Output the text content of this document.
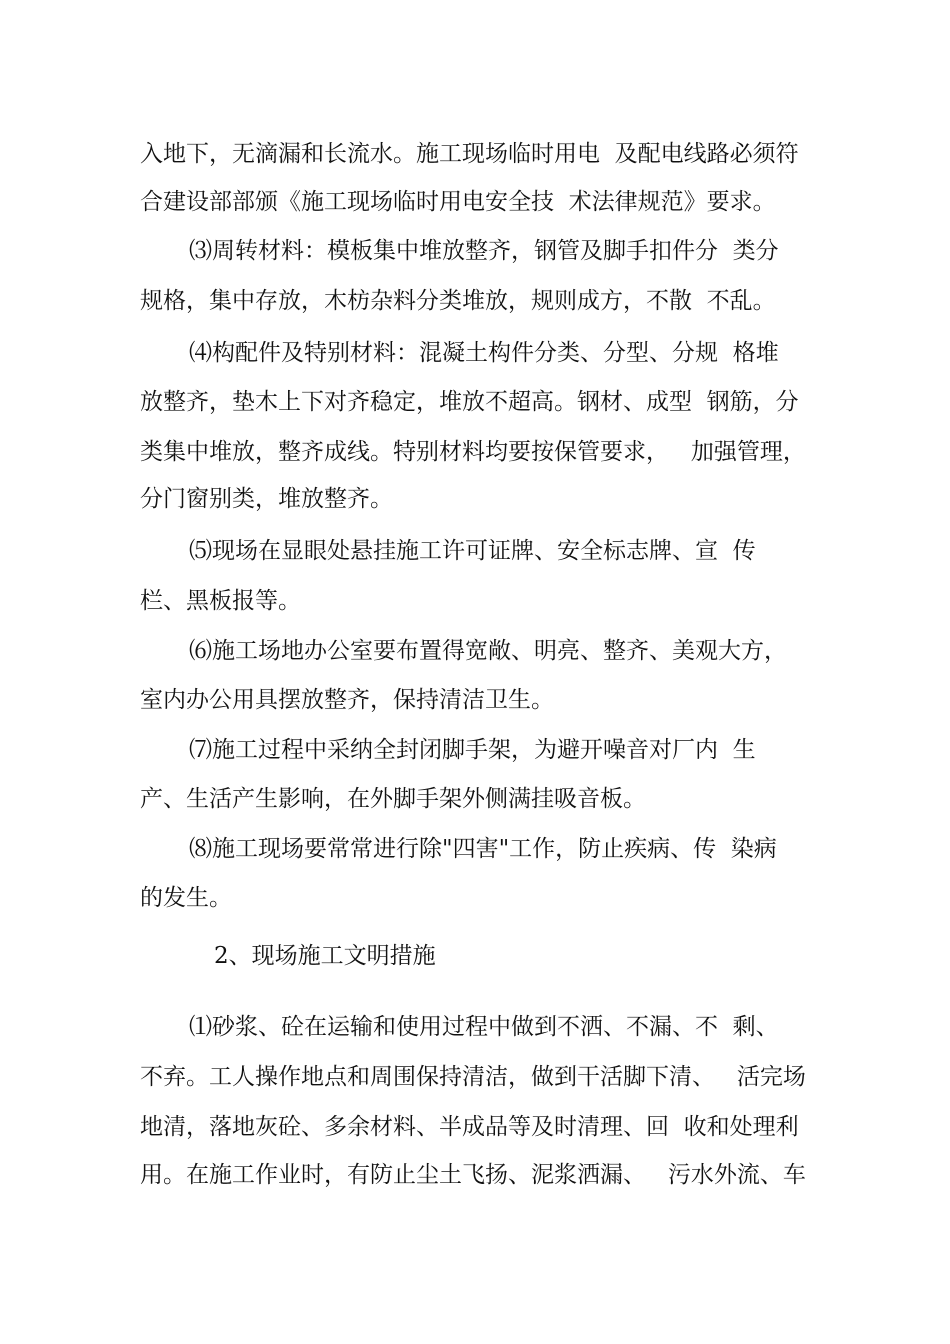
入地下，无滴漏和长流水。施工现场临时用电  及配电线路必须符
合建设部部颁《施工现场临时用电安全技  术法律规范》要求。
⑶周转材料：模板集中堆放整齐，钢管及脚手扣件分  类分
规格，集中存放，木枋杂料分类堆放，规则成方，不散  不乱。
⑷构配件及特别材料：混凝土构件分类、分型、分规  格堆
放整齐，垫木上下对齐稳定，堆放不超高。钢材、成型  钢筋，分
类集中堆放，整齐成线。特别材料均要按保管要求，   加强管理，
分门窗别类，堆放整齐。
⑸现场在显眼处悬挂施工许可证牌、安全标志牌、宣  传
栏、黑板报等。
⑹施工场地办公室要布置得宽敞、明亮、整齐、美观大方，
室内办公用具摆放整齐，保持清洁卫生。
⑺施工过程中采纳全封闭脚手架，为避开噪音对厂内  生
产、生活产生影响，在外脚手架外侧满挂吸音板。
⑻施工现场要常常进行除"四害"工作，防止疾病、传  染病
的发生。
2、现场施工文明措施
⑴砂浆、砼在运输和使用过程中做到不洒、不漏、不  剩、
不弃。工人操作地点和周围保持清洁，做到干活脚下清、   活完场
地清，落地灰砼、多余材料、半成品等及时清理、回  收和处理利
用。在施工作业时，有防止尘土飞扬、泥浆洒漏、   污水外流、车
